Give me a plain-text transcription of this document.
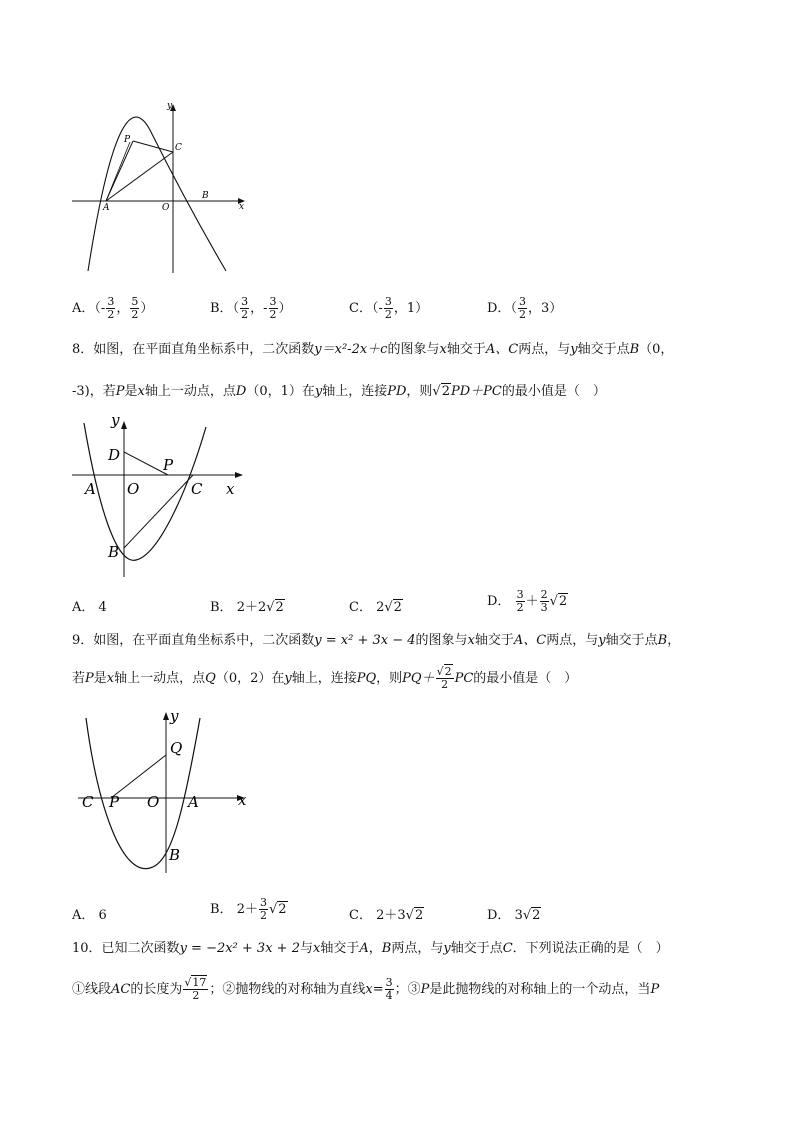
y
x
P
C
A	O
B
A．（- $\frac{3}{2}$ ， $\frac{5}{2}$ ）	B．（ $\frac{3}{2}$ ，- $\frac{3}{2}$ ）	C．（- $\frac{3}{2}$ ，1）	D．（ $\frac{3}{2}$ ，3）
8．如图，在平面直角坐标系中，二次函数y＝x²-2x＋c的图象与x轴交于A、C两点，与y轴交于点B（0，
-3)，若P是x轴上一动点，点D（0，1）在y轴上，连接PD，则√2PD＋PC的最小值是（　）
y
D
P
A O	C x
B
A． 4	B． 2＋2√2	C． 2√2	D． $\frac{3}{2} + \frac{2}{3} √2$
9．如图，在平面直角坐标系中，二次函数y = x² + 3x − 4的图象与x轴交于A、C两点，与y轴交于点B，
若P是x轴上一动点，点Q（0，2）在y轴上，连接PQ，则$PQ+ \frac{√2}{2}$ PC的最小值是（　）
y
Q
C P O A	x
B
A． 6	B． $2+ \frac{3}{2} √2$	C． 2＋3√2	D． 3√2
10．已知二次函数y = −2x² + 3x + 2与x轴交于A，B两点，与y轴交于点C．下列说法正确的是（　）
①线段AC的长度为 $\frac{√17}{2}$ ；②抛物线的对称轴为直线$x= \frac{3}{4}$ ；③P是此抛物线的对称轴上的一个动点，当P
